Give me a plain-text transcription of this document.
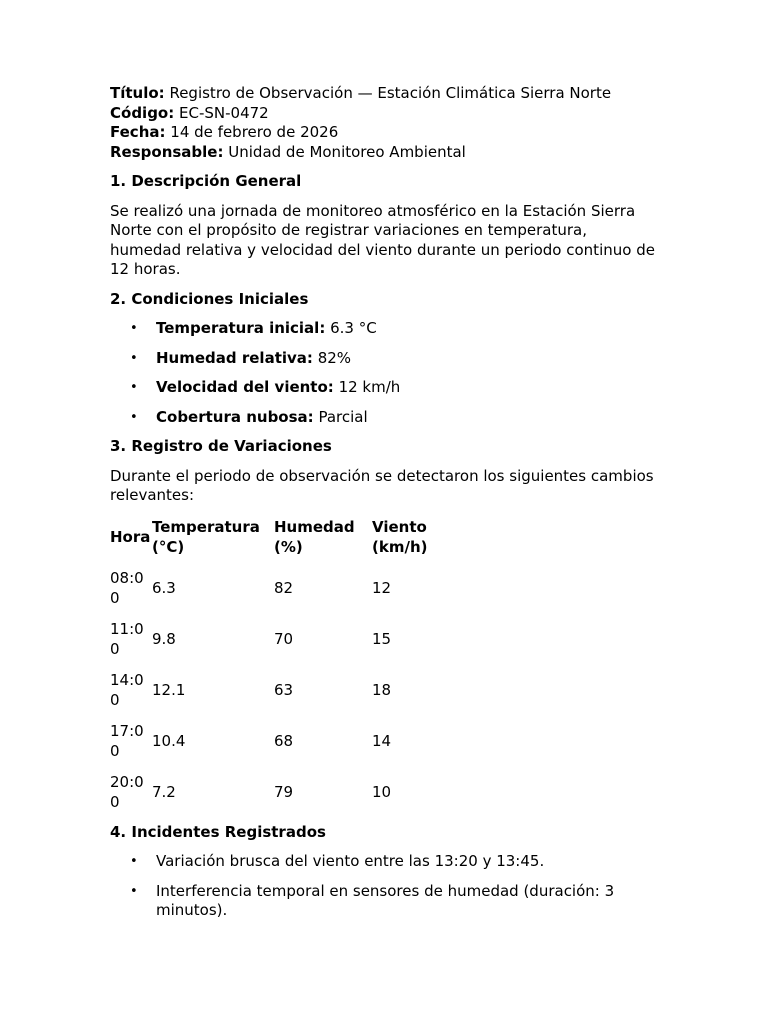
Título: Registro de Observación — Estación Climática Sierra Norte

Código: EC-SN-0472

Fecha: 14 de febrero de 2026

Responsable: Unidad de Monitoreo Ambiental

1. Descripción General

Se realizó una jornada de monitoreo atmosférico en la Estación Sierra Norte con el propósito de registrar variaciones en temperatura, humedad relativa y velocidad del viento durante un periodo continuo de 12 horas.

2. Condiciones Iniciales
• Temperatura inicial: 6.3 °C
• Humedad relativa: 82%
• Velocidad del viento: 12 km/h
• Cobertura nubosa: Parcial
3. Registro de Variaciones

Durante el periodo de observación se detectaron los siguientes cambios relevantes:

Hora	Temperatura (°C)	Humedad (%)	Viento (km/h)
08:00	6.3	82	12
11:00	9.8	70	15
14:00	12.1	63	18
17:00	10.4	68	14
20:00	7.2	79	10
4. Incidentes Registrados
• Variación brusca del viento entre las 13:20 y 13:45.
• Interferencia temporal en sensores de humedad (duración: 3 minutos).
